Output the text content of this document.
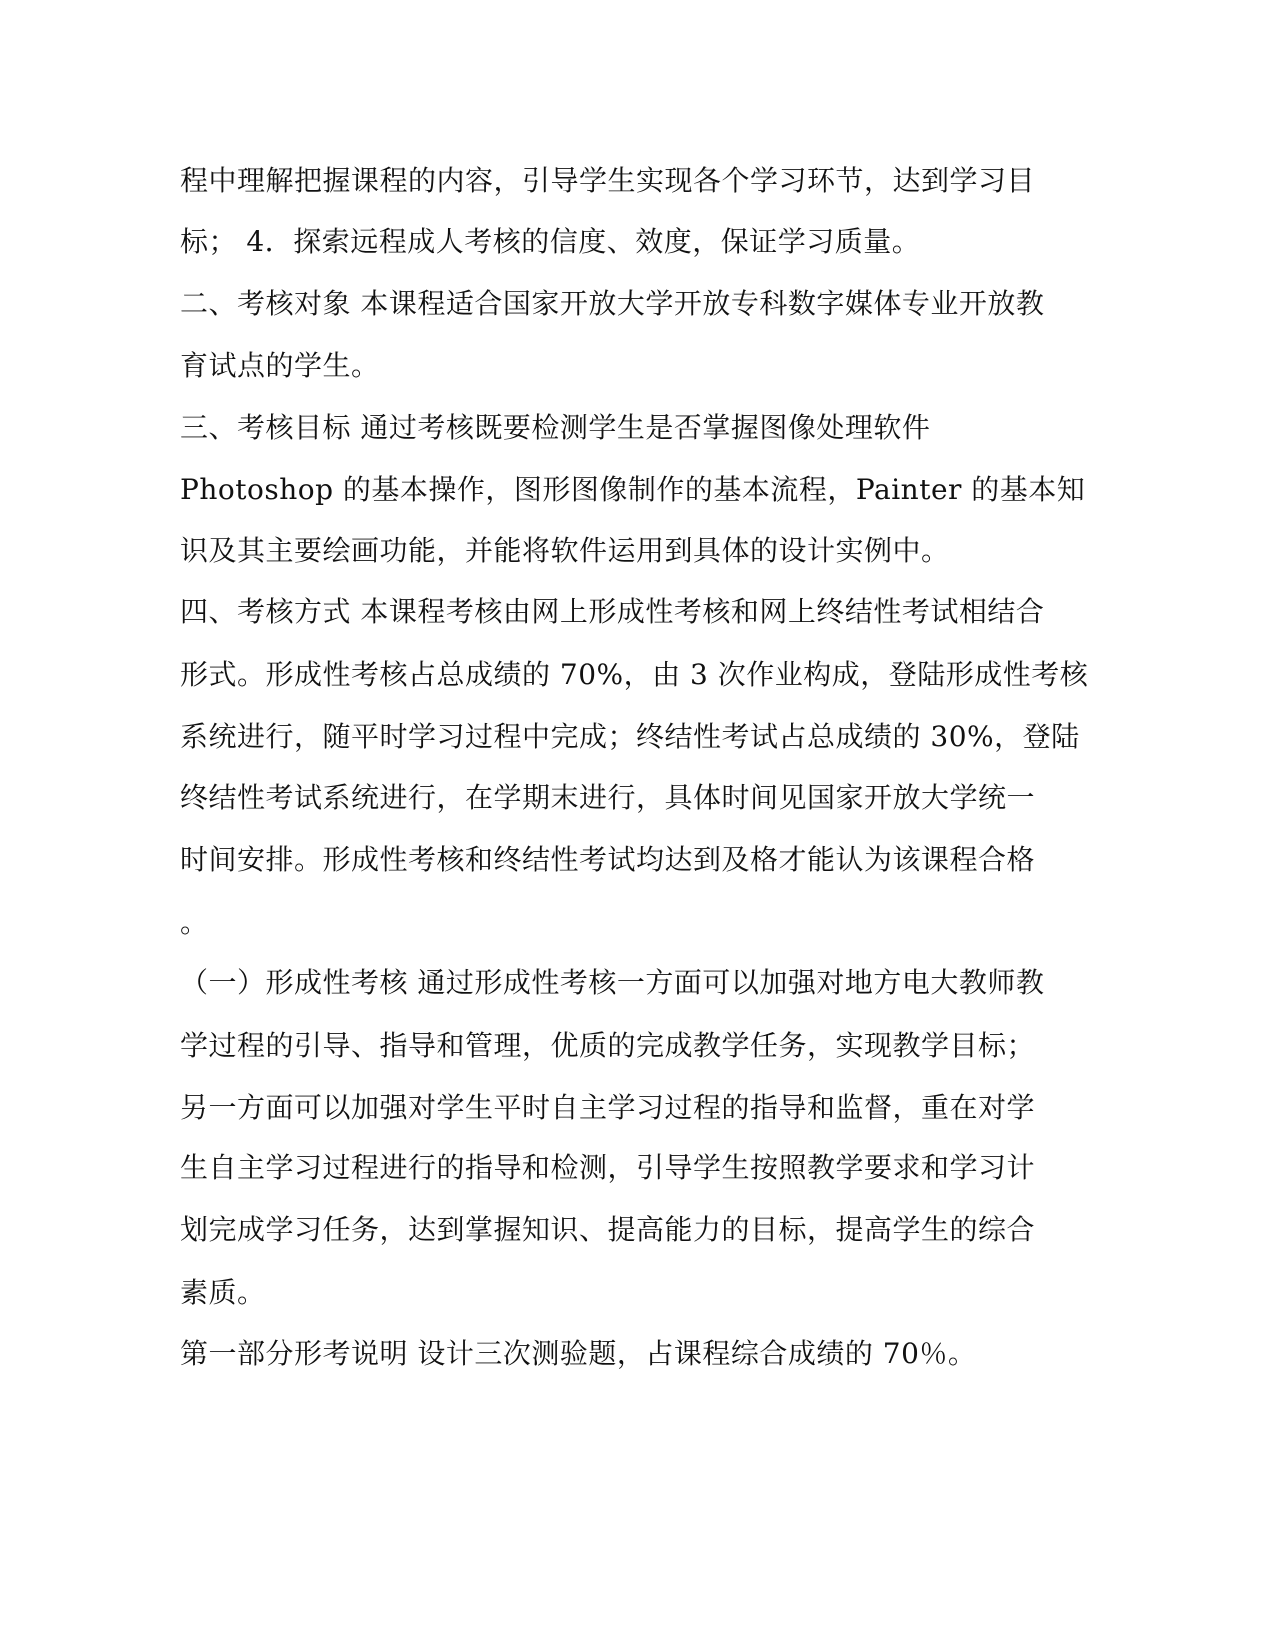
程中理解把握课程的内容，引导学生实现各个学习环节，达到学习目
标； 4．探索远程成人考核的信度、效度，保证学习质量。
二、考核对象 本课程适合国家开放大学开放专科数字媒体专业开放教
育试点的学生。
三、考核目标 通过考核既要检测学生是否掌握图像处理软件
Photoshop 的基本操作，图形图像制作的基本流程，Painter 的基本知
识及其主要绘画功能，并能将软件运用到具体的设计实例中。
四、考核方式 本课程考核由网上形成性考核和网上终结性考试相结合
形式。形成性考核占总成绩的 70%，由 3 次作业构成，登陆形成性考核
系统进行，随平时学习过程中完成；终结性考试占总成绩的 30%，登陆
终结性考试系统进行，在学期末进行，具体时间见国家开放大学统一
时间安排。形成性考核和终结性考试均达到及格才能认为该课程合格
。
（一）形成性考核 通过形成性考核一方面可以加强对地方电大教师教
学过程的引导、指导和管理，优质的完成教学任务，实现教学目标；
另一方面可以加强对学生平时自主学习过程的指导和监督，重在对学
生自主学习过程进行的指导和检测，引导学生按照教学要求和学习计
划完成学习任务，达到掌握知识、提高能力的目标，提高学生的综合
素质。
第一部分形考说明 设计三次测验题，占课程综合成绩的 70％。
